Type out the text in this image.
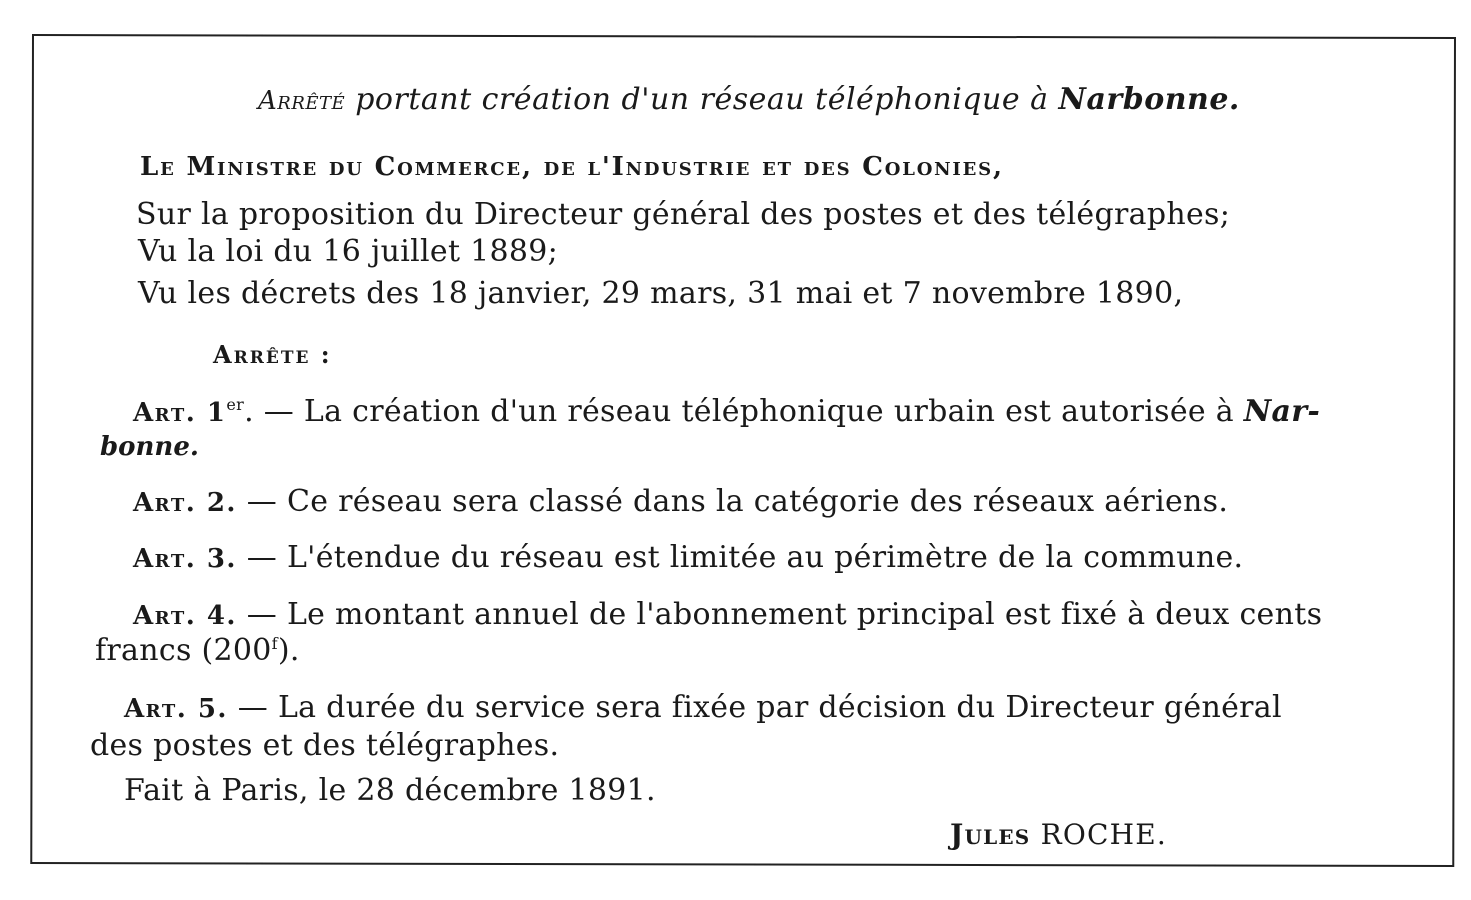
Arrêté portant création d'un réseau téléphonique à Narbonne.
Le Ministre du Commerce, de l'Industrie et des Colonies,
Sur la proposition du Directeur général des postes et des télégraphes;
Vu la loi du 16 juillet 1889;
Vu les décrets des 18 janvier, 29 mars, 31 mai et 7 novembre 1890,
Arrête :
Art. 1er. — La création d'un réseau téléphonique urbain est autorisée à Nar-
bonne.
Art. 2. — Ce réseau sera classé dans la catégorie des réseaux aériens.
Art. 3. — L'étendue du réseau est limitée au périmètre de la commune.
Art. 4. — Le montant annuel de l'abonnement principal est fixé à deux cents
francs (200$^f$).
Art. 5. — La durée du service sera fixée par décision du Directeur général
des postes et des télégraphes.
Fait à Paris, le 28 décembre 1891.
Jules ROCHE.
